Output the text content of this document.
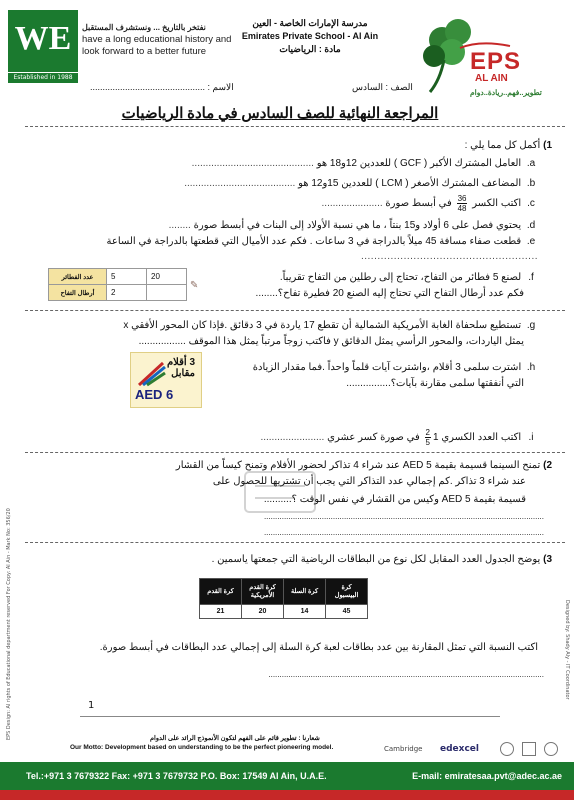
WE
Established in 1988
نفتخر بالتاريخ ... ونستشرف المستقبل
have a long educational history and
look forward to a better future
مدرسة الإمارات الخاصة - العين
Emirates Private School - Al Ain
مادة : الرياضيات	EPS
AL AIN
تطوير..فهم..ريادة..دوام
الاسم : ..............................................	الصف : السادس
المراجعة النهائية للصف السادس في مادة الرياضيات
1) أكمل كل مما يلي :
a. العامل المشترك الأكبر ( GCF ) للعددين 12و18 هو ............................................
b. المضاعف المشترك الأصغر ( LCM ) للعددين 15و12 هو ........................................
c. اكتب الكسر
$\frac{36}{48}$
في أبسط صورة ......................
d. يحتوي فصل على 6 أولاد و15 بنتاً ، ما هي نسبة الأولاد إلى البنات في أبسط صورة ........
e. قطعت صفاء مسافة 45 ميلاً بالدراجة في 3 ساعات . فكم عدد الأميال التي قطعتها بالدراجة في الساعة
......................................................
f. لصنع 5 فطائر من التفاح، تحتاج إلى رطلين من التفاح تقريباً.
فكم عدد أرطال التفاح التي تحتاج إليه الصنع 20 فطيرة تفاح؟........
عدد الفطائر	5	20
أرطال التفاح	2	
✎
g. تستطيع سلحفاة الغابة الأمريكية الشمالية أن تقطع 17 ياردة في 3 دقائق .فإذا كان المحور الأفقي x
يمثل الياردات، والمحور الرأسي يمثل الدقائق y فاكتب زوجاً مرتباً يمثل هذا الموقف .................
h. اشترت سلمى 3 أقلام ،واشترت آيات قلماً واحداً .فما مقدار الزيادة
التي أنفقتها سلمى مقارنة بآيات؟................
3 أقلام
مقابل
AED 6
i. اكتب العدد الكسري 1
$\frac{2}{5}$
في صورة كسر عشري .......................
2) تمنح السينما قسيمة بقيمة 5 AED عند شراء 4 تذاكر لحضور الأفلام وتمنح كيساً من القشار
عند شراء 3 تذاكر .كم إجمالي عدد التذاكر التي يجب أن تشتريها للحصول على
قسيمة بقيمة 5 AED وكيس من القشار في نفس الوقت ؟..........
..............................................................................................................................
..............................................................................................................................
3) يوضح الجدول العدد المقابل لكل نوع من البطاقات الرياضية التي جمعتها ياسمين .
كرة القدم	كرة القدم الأمريكية	كرة السلة	كرة البيسبول
21	20	14	45
اكتب النسبة التي تمثل المقارنة بين عدد بطاقات لعبة كرة السلة إلى إجمالي عدد البطاقات في أبسط صورة.
............................................................................................................................
EPS Design: Al rights of Educational department reserved For Copy: Al Ain - Mark No: 356/20	Designed by: Shady Aly - IT Coordinator
1
شعارنا : تطوير قائم على الفهم لتكون الأنموذج الرائد على الدوام
Our Motto: Development based on understanding to be the perfect pioneering model.	edexcel
Cambridge
Tel.:+971 3 7679322 Fax: +971 3 7679732 P.O. Box: 17549 Al Ain, U.A.E.	E-mail: emiratesaa.pvt@adec.ac.ae
